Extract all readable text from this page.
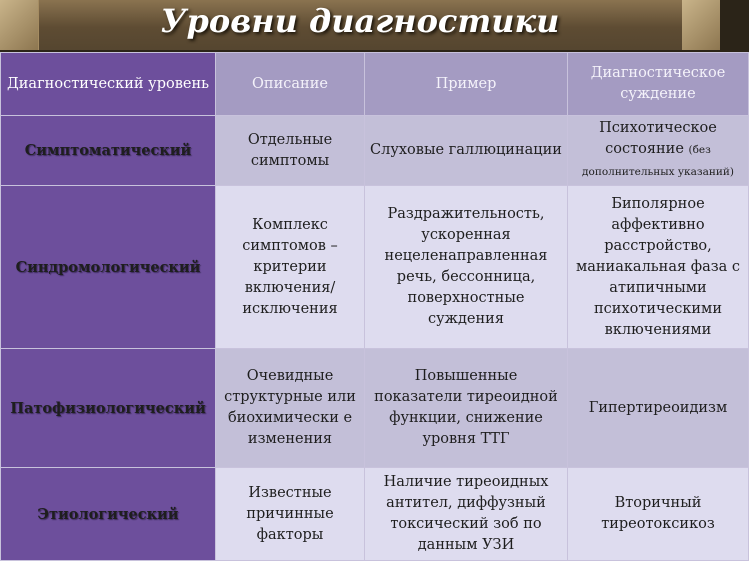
Уровни диагностики
Диагностический уровень	Описание	Пример	Диагностическое суждение
Симптоматический	Отдельные симптомы	Слуховые галлюцинации	Психотическое состояние (без дополнительных указаний)
Синдромологический	Комплекс симптомов – критерии включения/ исключения	Раздражительность, ускоренная нецеленаправленная речь, бессонница, поверхностные суждения	Биполярное аффективно расстройство, маниакальная фаза с атипичными психотическими включениями
Патофизиологический	Очевидные структурные или биохимически е изменения	Повышенные показатели тиреоидной функции, снижение уровня ТТГ	Гипертиреоидизм
Этиологический	Известные причинные факторы	Наличие тиреоидных антител, диффузный токсический зоб по данным УЗИ	Вторичный тиреотоксикоз
